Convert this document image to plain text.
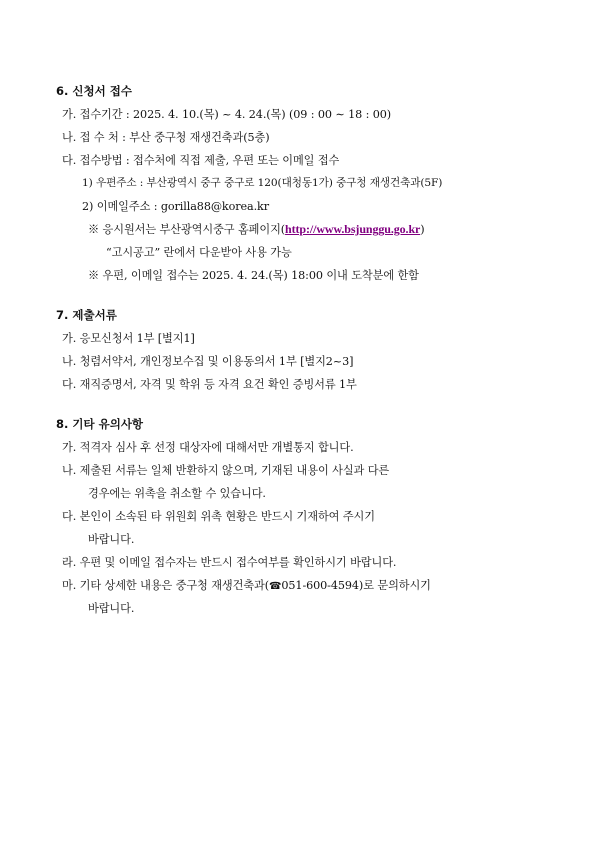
6. 신청서 접수
가. 접수기간 : 2025. 4. 10.(목) ~ 4. 24.(목) (09 : 00 ∼ 18 : 00)
나. 접 수 처 : 부산 중구청 재생건축과(5층)
다. 접수방법 : 접수처에 직접 제출, 우편 또는 이메일 접수
1) 우편주소 : 부산광역시 중구 중구로 120(대청동1가) 중구청 재생건축과(5F)
2) 이메일주소 : gorilla88@korea.kr
※ 응시원서는 부산광역시중구 홈페이지(http://www.bsjunggu.go.kr)
“고시공고” 란에서 다운받아 사용 가능
※ 우편, 이메일 접수는 2025. 4. 24.(목) 18:00 이내 도착분에 한함
7. 제출서류
가. 응모신청서 1부 [별지1]
나. 청렴서약서, 개인정보수집 및 이용동의서 1부 [별지2~3]
다. 재직증명서, 자격 및 학위 등 자격 요건 확인 증빙서류 1부
8. 기타 유의사항
가. 적격자 심사 후 선정 대상자에 대해서만 개별통지 합니다.
나. 제출된 서류는 일체 반환하지 않으며, 기재된 내용이 사실과 다른
경우에는 위촉을 취소할 수 있습니다.
다. 본인이 소속된 타 위원회 위촉 현황은 반드시 기재하여 주시기
바랍니다.
라. 우편 및 이메일 접수자는 반드시 접수여부를 확인하시기 바랍니다.
마. 기타 상세한 내용은 중구청 재생건축과(☎051-600-4594)로 문의하시기
바랍니다.
